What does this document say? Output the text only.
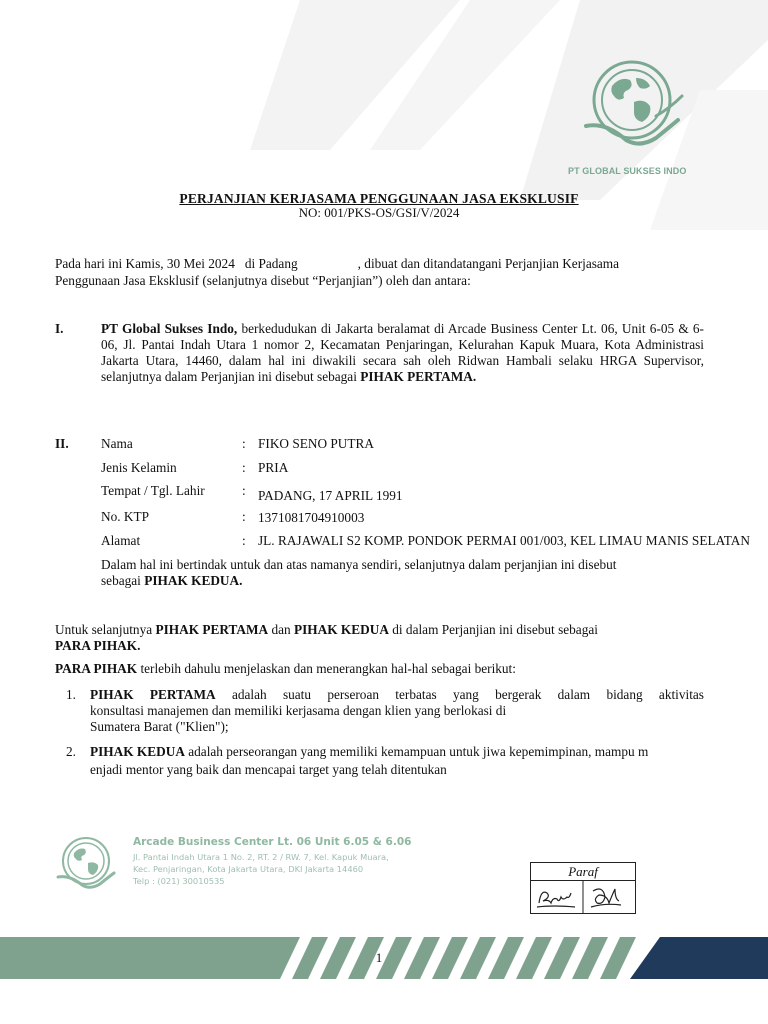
PT GLOBAL SUKSES INDO
PERJANJIAN KERJASAMA PENGGUNAAN JASA EKSKLUSIF
NO: 001/PKS-OS/GSI/V/2024
Pada hari ini Kamis, 30 Mei 2024   di Padang	, dibuat dan ditandatangani Perjanjian Kerjasama
Penggunaan Jasa Eksklusif (selanjutnya disebut “Perjanjian”) oleh dan antara:
I.	PT Global Sukses Indo, berkedudukan di Jakarta beralamat di Arcade Business Center Lt. 06, Unit 6-05 & 6-06, Jl. Pantai Indah Utara 1 nomor 2, Kecamatan Penjaringan, Kelurahan Kapuk Muara, Kota Administrasi Jakarta Utara, 14460, dalam hal ini diwakili secara sah oleh Ridwan Hambali selaku HRGA Supervisor, selanjutnya dalam Perjanjian ini disebut sebagai PIHAK PERTAMA.
II. Nama	: FIKO SENO PUTRA
Jenis Kelamin	: PRIA
Tempat / Tgl. Lahir	: PADANG, 17 APRIL 1991
No. KTP	: 1371081704910003
Alamat	: JL. RAJAWALI S2 KOMP. PONDOK PERMAI 001/003, KEL LIMAU MANIS SELATAN
Dalam hal ini bertindak untuk dan atas namanya sendiri, selanjutnya dalam perjanjian ini disebut
sebagai PIHAK KEDUA.
Untuk selanjutnya PIHAK PERTAMA dan PIHAK KEDUA di dalam Perjanjian ini disebut sebagai
PARA PIHAK.
PARA PIHAK terlebih dahulu menjelaskan dan menerangkan hal-hal sebagai berikut:
1. PIHAK PERTAMA adalah suatu perseroan terbatas yang bergerak dalam bidang aktivitas
konsultasi manajemen dan memiliki kerjasama dengan klien yang berlokasi di
Sumatera Barat ("Klien");
2. PIHAK KEDUA adalah perseorangan yang memiliki kemampuan untuk jiwa kepemimpinan, mampu m
enjadi mentor yang baik dan mencapai target yang telah ditentukan
Arcade Business Center Lt. 06 Unit 6.05 & 6.06
Jl. Pantai Indah Utara 1 No. 2, RT. 2 / RW. 7, Kel. Kapuk Muara,
Kec. Penjaringan, Kota Jakarta Utara, DKI Jakarta 14460
Telp : (021) 30010535
Paraf
1
